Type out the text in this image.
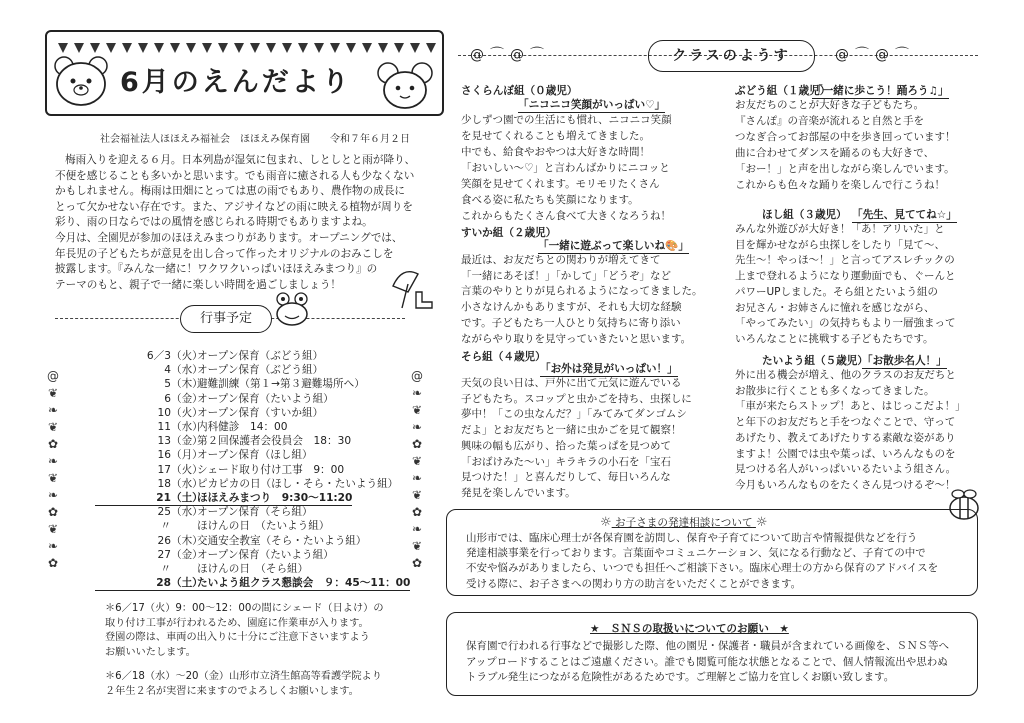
6月のえんだより
社会福祉法人ほほえみ福祉会　ほほえみ保育園　　令和７年６月２日
梅雨入りを迎える６月。日本列島が湿気に包まれ、しとしとと雨が降り、
不便を感じることも多いかと思います。でも雨音に癒される人も少なくない
かもしれません。梅雨は田畑にとっては恵の雨でもあり、農作物の成長に
とって欠かせない存在です。また、アジサイなどの雨に映える植物が周りを
彩り、雨の日ならではの風情を感じられる時期でもありますよね。
今月は、全園児が参加のほほえみまつりがあります。オープニングでは、
年長児の子どもたちが意見を出し合って作ったオリジナルのおみこしを
披露します。『みんな一緒に！ワクワクいっぱいほほえみまつり』の
テーマのもと、親子で一緒に楽しい時間を過ごしましょう！
行事予定
@
❦
❧
❦
✿
❧
❦
❧
✿
❦
❧
✿
@
❧
❦
❧
✿
❦
❧
❦
✿
❧
❦
✿
6／3（火）オープン保育（ぶどう組）
4（水）オープン保育（ぶどう組）
5（木）避難訓練（第１→第３避難場所へ）
6（金）オープン保育（たいよう組）
10（火）オープン保育（すいか組）
11（水）内科健診　14：00
13（金）第２回保護者会役員会　18：30
16（月）オープン保育（ほし組）
17（火）シェード取り付け工事　9：00
18（水）ピカピカの日（ほし・そら・たいよう組）
21（土）ほほえみまつり　9:30～11:20
25（水）オープン保育（そら組）
〃 ほけんの日　（たいよう組）
26（木）交通安全教室（そら・たいよう組）
27（金）オープン保育（たいよう組）
〃 ほけんの日　（そら組）
28（土）たいよう組クラス懇談会　９：45～11：00
＊6／17（火）9：00～12：00の間にシェード（日よけ）の
取り付け工事が行われるため、園庭に作業車が入ります。
登園の際は、車両の出入りに十分にご注意下さいますよう
お願いいたします。
＊6／18（水）～20（金）山形市立済生館高等看護学院より
２年生２名が実習に来ますのでよろしくお願いします。
@⌒@⌒	@⌒@⌒
クラスのようす
さくらんぼ組（０歳児）
「ニコニコ笑顔がいっぱい♡」
少しずつ園での生活にも慣れ、ニコニコ笑顔
を見せてくれることも増えてきました。
中でも、給食やおやつは大好きな時間！
「おいしい～♡」と言わんばかりにニコッと
笑顔を見せてくれます。モリモリたくさん
食べる姿に私たちも笑顔になります。
これからもたくさん食べて大きくなろうね！
すいか組（２歳児）
「一緒に遊ぶって楽しいね🎨」
最近は、お友だちとの関わりが増えてきて
「一緒にあそぼ！」「かして」「どうぞ」など
言葉のやりとりが見られるようになってきました。
小さなけんかもありますが、それも大切な経験
です。子どもたち一人ひとり気持ちに寄り添い
ながらやり取りを見守っていきたいと思います。
そら組（４歳児）
「お外は発見がいっぱい！」
天気の良い日は、戸外に出て元気に遊んでいる
子どもたち。スコップと虫かごを持ち、虫探しに
夢中！「この虫なんだ？」「みてみてダンゴムシ
だよ」とお友だちと一緒に虫かごを見て観察！
興味の幅も広がり、拾った葉っぱを見つめて
「おばけみた～い」キラキラの小石を「宝石
見つけた！」と喜んだりして、毎日いろんな
発見を楽しんでいます。
ぶどう組（１歳児）
「一緒に歩こう！踊ろう♫」
お友だちのことが大好きな子どもたち。
『さんぽ』の音楽が流れると自然と手を
つなぎ合ってお部屋の中を歩き回っています！
曲に合わせてダンスを踊るのも大好きで、
「おー！」と声を出しながら楽しんでいます。
これからも色々な踊りを楽しんで行こうね！
ほし組（３歳児） 「先生、見ててね☆」
みんな外遊びが大好き！「あ！アリいた」と
目を輝かせながら虫探しをしたり「見て～、
先生～！やっほ～！」と言ってアスレチックの
上まで登れるようになり運動面でも、ぐーんと
パワーUPしました。そら組とたいよう組の
お兄さん・お姉さんに憧れを感じながら、
「やってみたい」の気持ちもより一層強まって
いろんなことに挑戦する子どもたちです。
たいよう組（５歳児）
「お散歩名人！」
外に出る機会が増え、他のクラスのお友だちと
お散歩に行くことも多くなってきました。
「車が来たらストップ！あと、はじっこだよ！」
と年下のお友だちと手をつなぐことで、守って
あげたり、教えてあげたりする素敵な姿があり
ますよ！公園では虫や葉っぱ、いろんなものを
見つける名人がいっぱいいるたいよう組さん。
今月もいろんなものをたくさん見つけるぞ～！
☼ お子さまの発達相談について ☼
山形市では、臨床心理士が各保育園を訪問し、保育や子育てについて助言や情報提供などを行う
発達相談事業を行っております。言葉面やコミュニケーション、気になる行動など、子育ての中で
不安や悩みがありましたら、いつでも担任へご相談下さい。臨床心理士の方から保育のアドバイスを
受ける際に、お子さまへの関わり方の助言をいただくことができます。
★　ＳＮＳの取扱いについてのお願い　★
保育園で行われる行事などで撮影した際、他の園児・保護者・職員が含まれている画像を、ＳＮＳ等へ
アップロードすることはご遠慮ください。誰でも閲覧可能な状態となることで、個人情報流出や思わぬ
トラブル発生につながる危険性があるためです。ご理解とご協力を宜しくお願い致します。
